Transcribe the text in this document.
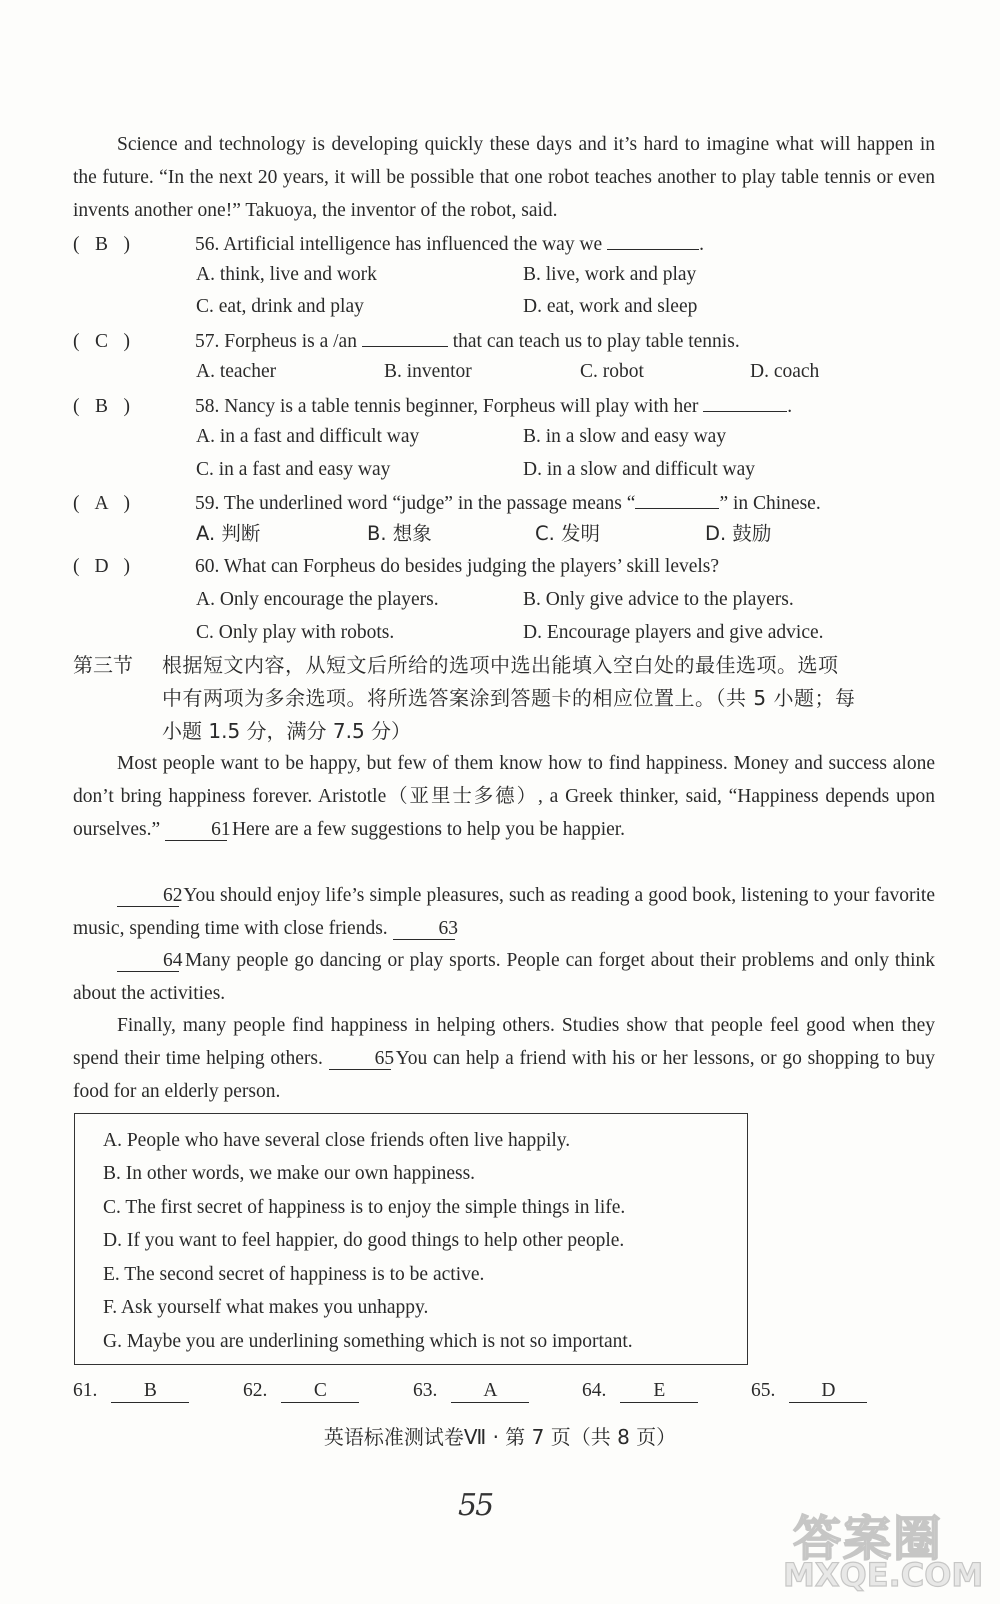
Science and technology is developing quickly these days and it’s hard to imagine what will happen in the future. “In the next 20 years, it will be possible that one robot teaches another to play table tennis or even invents another one!” Takuoya, the inventor of the robot, said.
( B )	56. Artificial intelligence has influenced the way we	.
A. think, live and work	B. live, work and play
C. eat, drink and play	D. eat, work and sleep
( C )	57. Forpheus is a /an	that can teach us to play table tennis.
A. teacher	B. inventor	C. robot	D. coach
( B )	58. Nancy is a table tennis beginner, Forpheus will play with her	.
A. in a fast and difficult way	B. in a slow and easy way
C. in a fast and easy way	D. in a slow and difficult way
( A )	59. The underlined word “judge” in the passage means “	” in Chinese.
A. 判断	B. 想象	C. 发明	D. 鼓励
( D )	60. What can Forpheus do besides judging the players’ skill levels?
A. Only encourage the players.	B. Only give advice to the players.
C. Only play with robots.	D. Encourage players and give advice.
第三节 根据短文内容，从短文后所给的选项中选出能填入空白处的最佳选项。选项
中有两项为多余选项。将所选答案涂到答题卡的相应位置上。（共 5 小题；每
小题 1.5 分，满分 7.5 分）
Most people want to be happy, but few of them know how to find happiness. Money and success alone don’t bring happiness forever. Aristotle（亚里士多德）, a Greek thinker, said, “Happiness depends upon ourselves.”	61 Here are a few suggestions to help you be happier.
62 You should enjoy life’s simple pleasures, such as reading a good book, listening to your favorite music, spending time with close friends.	63
64 Many people go dancing or play sports. People can forget about their problems and only think about the activities.
Finally, many people find happiness in helping others. Studies show that people feel good when they spend their time helping others.	65 You can help a friend with his or her lessons, or go shopping to buy food for an elderly person.
A. People who have several close friends often live happily.
B. In other words, we make our own happiness.
C. The first secret of happiness is to enjoy the simple things in life.
D. If you want to feel happier, do good things to help other people.
E. The second secret of happiness is to be active.
F. Ask yourself what makes you unhappy.
G. Maybe you are underlining something which is not so important.
61. B	62. C	63. A	64. E	65. D
英语标准测试卷Ⅶ · 第 7 页（共 8 页）
55
答案圈
MXQE.COM
